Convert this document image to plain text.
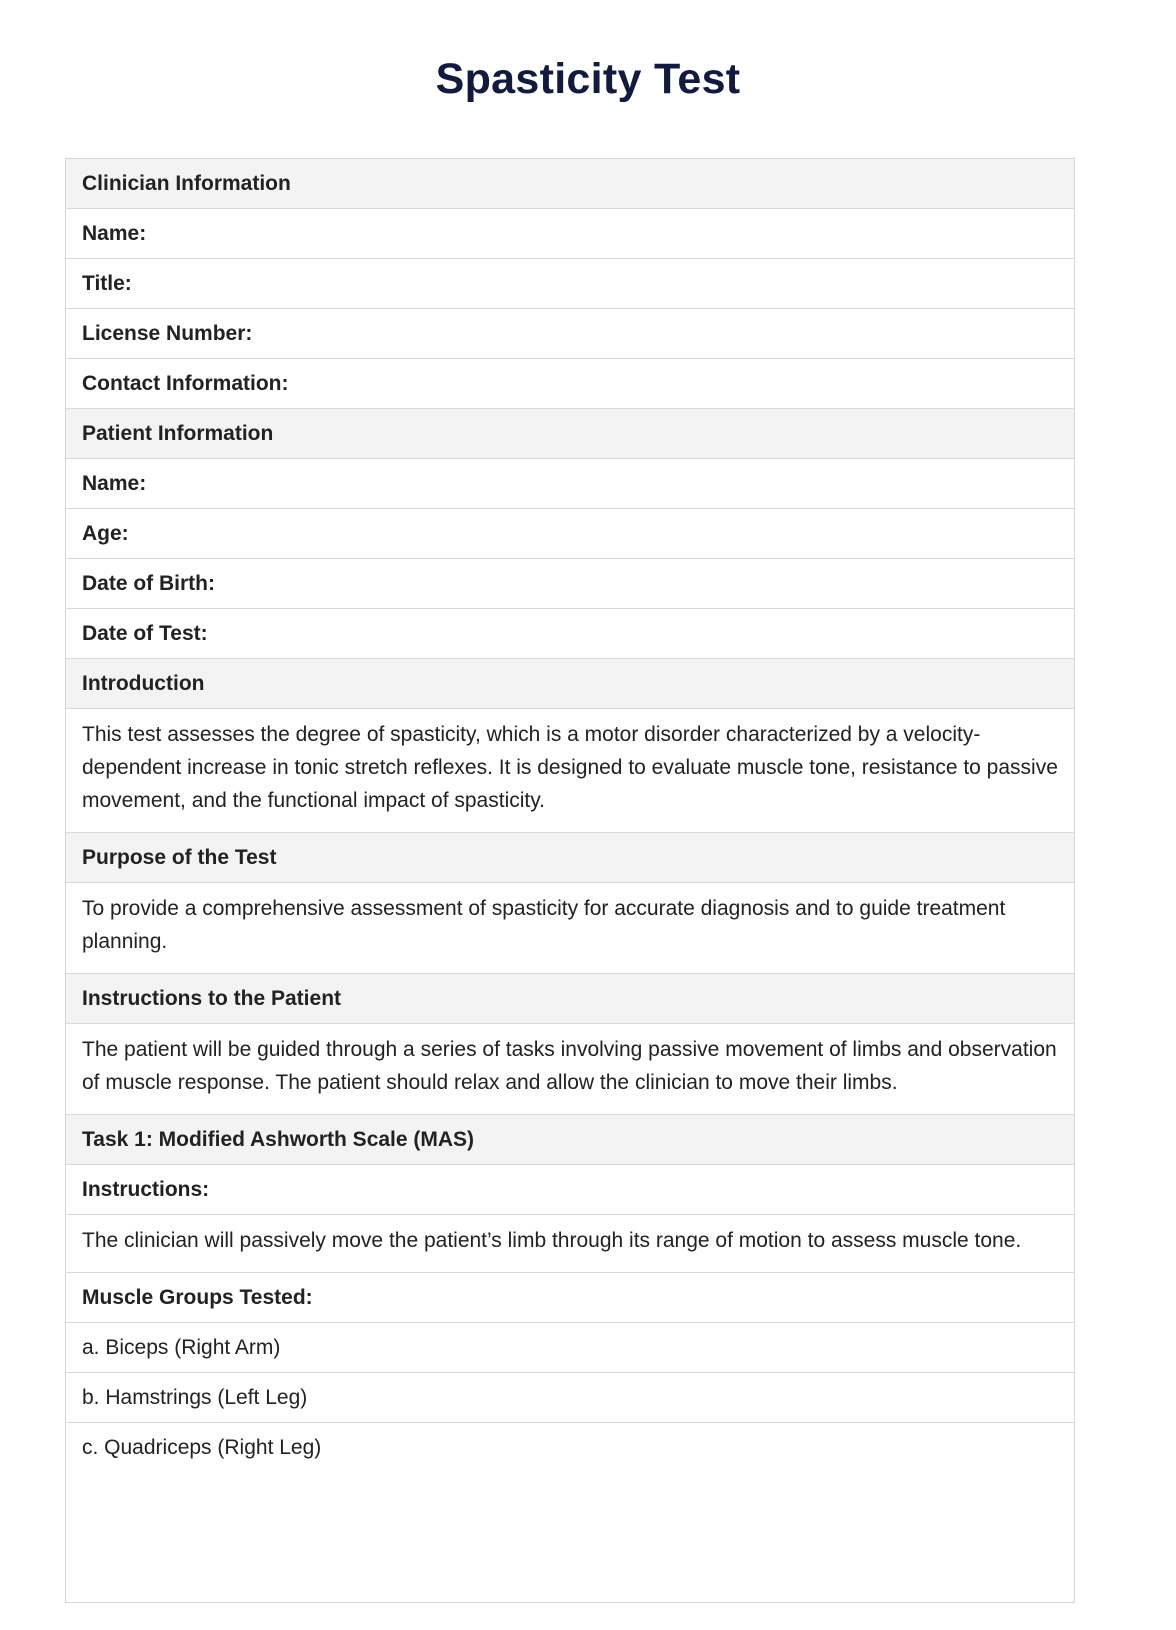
Spasticity Test
Clinician Information
Name:
Title:
License Number:
Contact Information:
Patient Information
Name:
Age:
Date of Birth:
Date of Test:
Introduction
This test assesses the degree of spasticity, which is a motor disorder characterized by a velocity-dependent increase in tonic stretch reflexes. It is designed to evaluate muscle tone, resistance to passive movement, and the functional impact of spasticity.
Purpose of the Test
To provide a comprehensive assessment of spasticity for accurate diagnosis and to guide treatment planning.
Instructions to the Patient
The patient will be guided through a series of tasks involving passive movement of limbs and observation of muscle response. The patient should relax and allow the clinician to move their limbs.
Task 1: Modified Ashworth Scale (MAS)
Instructions:
The clinician will passively move the patient’s limb through its range of motion to assess muscle tone.
Muscle Groups Tested:
a. Biceps (Right Arm)
b. Hamstrings (Left Leg)
c. Quadriceps (Right Leg)
